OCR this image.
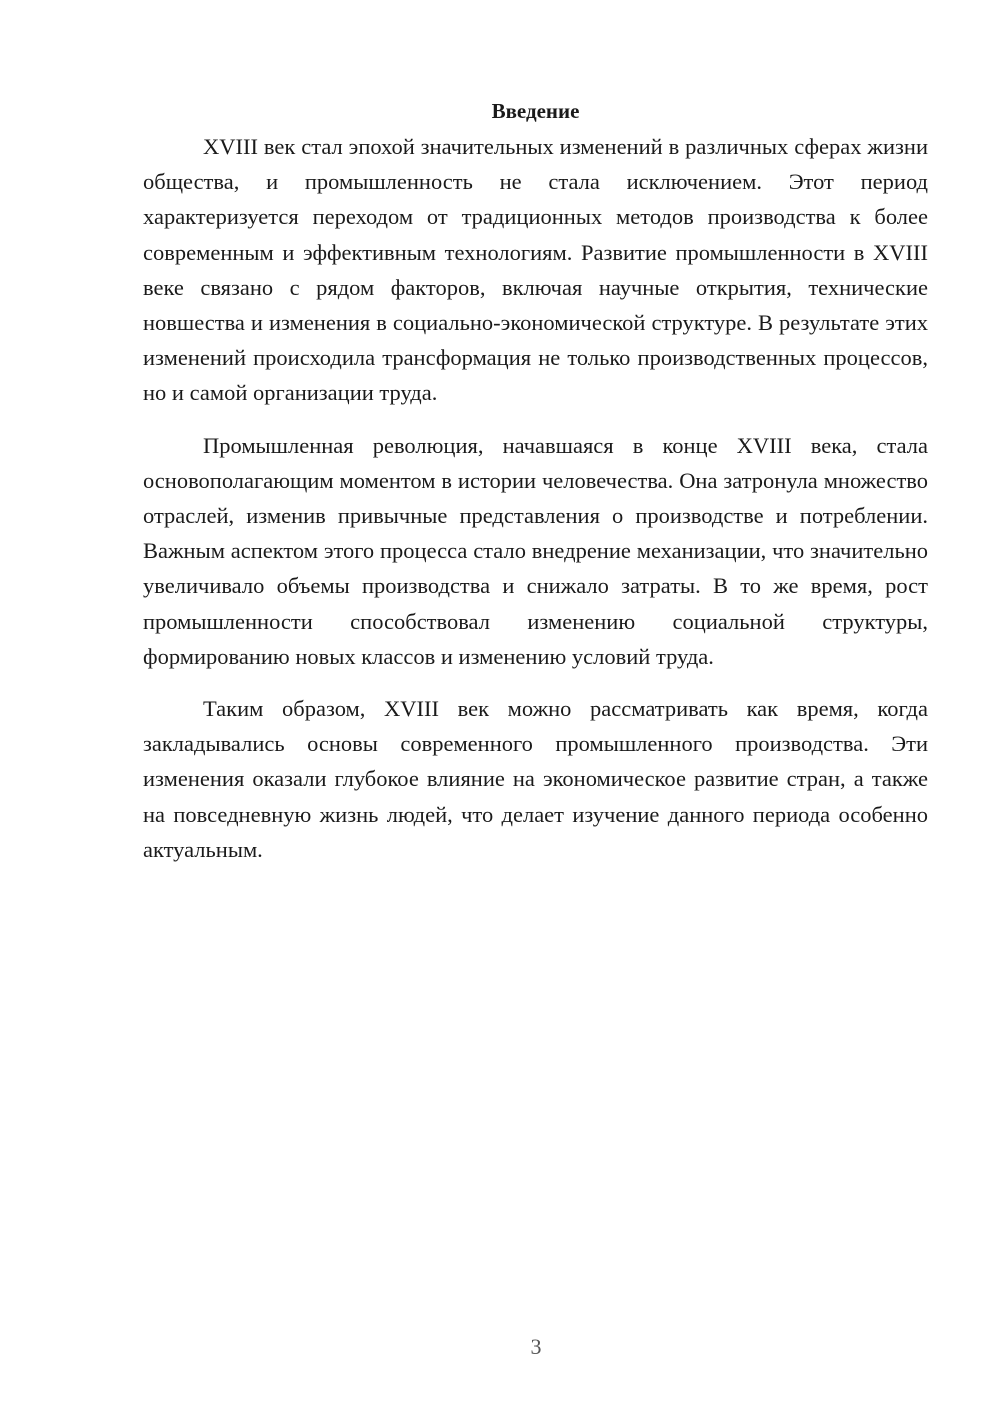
Введение

XVIII век стал эпохой значительных изменений в различных сферах жизни общества, и промышленность не стала исключением. Этот период характеризуется переходом от традиционных методов производства к более современным и эффективным технологиям. Развитие промышленности в XVIII веке связано с рядом факторов, включая научные открытия, технические новшества и изменения в социально-экономической структуре. В результате этих изменений происходила трансформация не только производственных процессов, но и самой организации труда.

Промышленная революция, начавшаяся в конце XVIII века, стала основополагающим моментом в истории человечества. Она затронула множество отраслей, изменив привычные представления о производстве и потреблении. Важным аспектом этого процесса стало внедрение механизации, что значительно увеличивало объемы производства и снижало затраты. В то же время, рост промышленности способствовал изменению социальной структуры, формированию новых классов и изменению условий труда.

Таким образом, XVIII век можно рассматривать как время, когда закладывались основы современного промышленного производства. Эти изменения оказали глубокое влияние на экономическое развитие стран, а также на повседневную жизнь людей, что делает изучение данного периода особенно актуальным.

3
